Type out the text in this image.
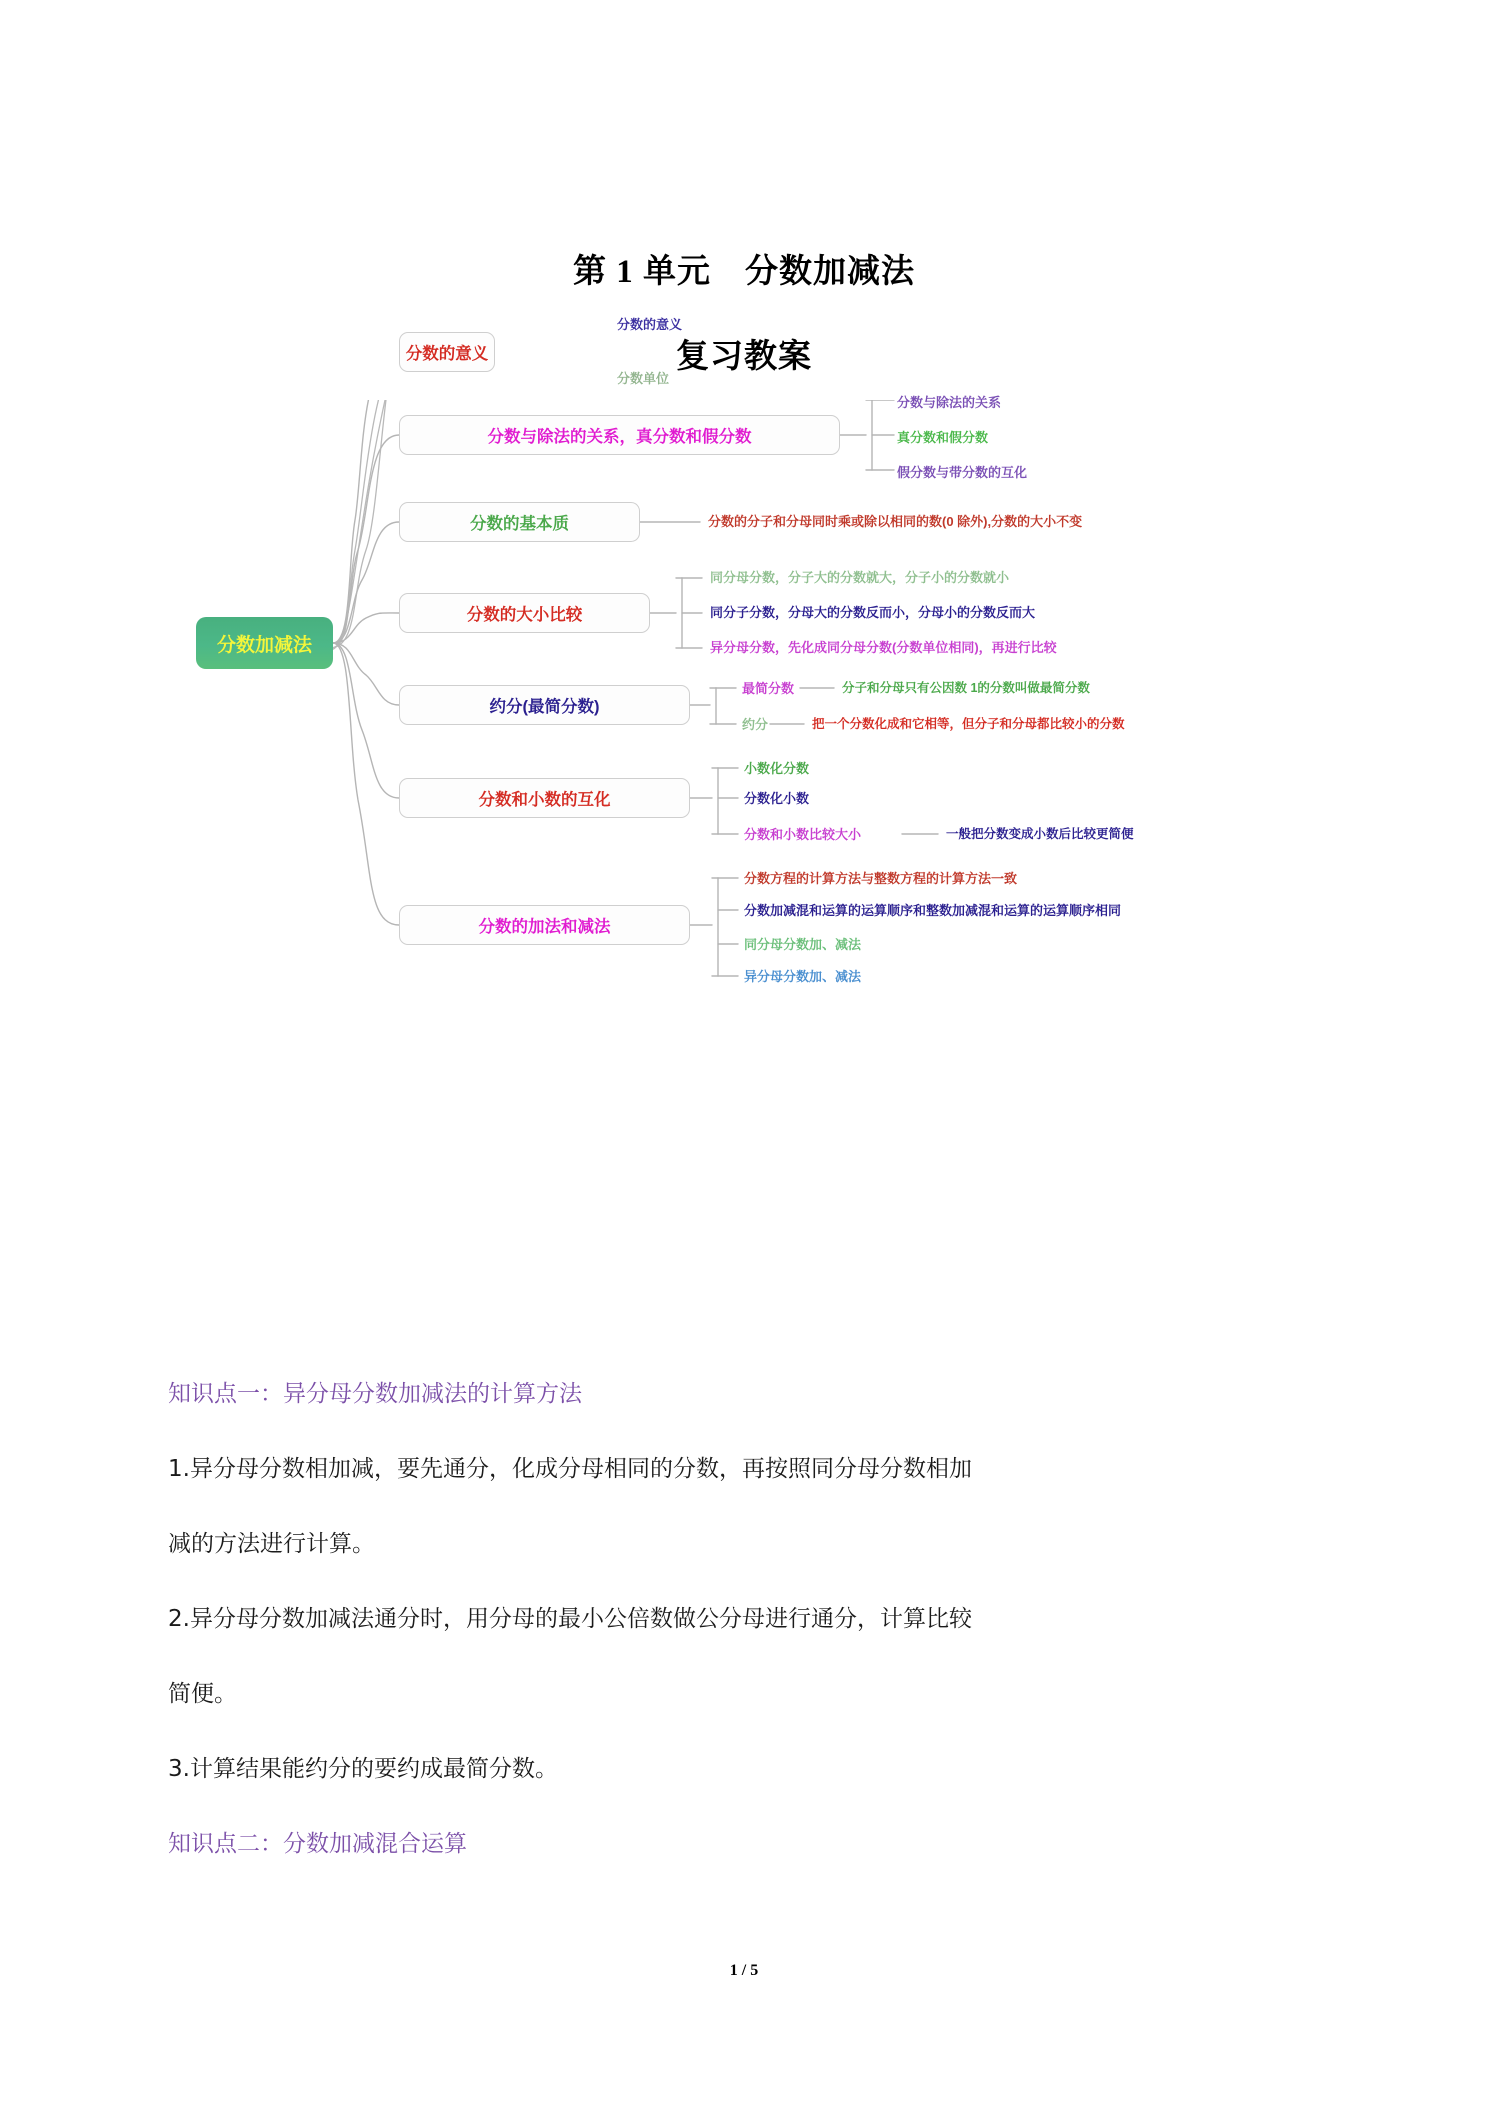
第 1 单元　分数加减法
复习教案
分数加减法
分数的意义
分数的意义
分数单位
分数与除法的关系，真分数和假分数
分数与除法的关系
真分数和假分数
假分数与带分数的互化
分数的基本质	分数的分子和分母同时乘或除以相同的数(0 除外),分数的大小不变
分数的大小比较
同分母分数，分子大的分数就大，分子小的分数就小
同分子分数，分母大的分数反而小，分母小的分数反而大
异分母分数，先化成同分母分数(分数单位相同)，再进行比较
约分(最简分数)
最简分数	分子和分母只有公因数 1的分数叫做最简分数
约分	把一个分数化成和它相等，但分子和分母都比较小的分数
分数和小数的互化
小数化分数
分数化小数
分数和小数比较大小	一般把分数变成小数后比较更简便
分数的加法和减法
分数方程的计算方法与整数方程的计算方法一致
分数加减混和运算的运算顺序和整数加减混和运算的运算顺序相同
同分母分数加、减法
异分母分数加、减法
知识点一：异分母分数加减法的计算方法
1.异分母分数相加减，要先通分，化成分母相同的分数，再按照同分母分数相加
减的方法进行计算。
2.异分母分数加减法通分时，用分母的最小公倍数做公分母进行通分，计算比较
简便。
3.计算结果能约分的要约成最简分数。
知识点二：分数加减混合运算
1 / 5
